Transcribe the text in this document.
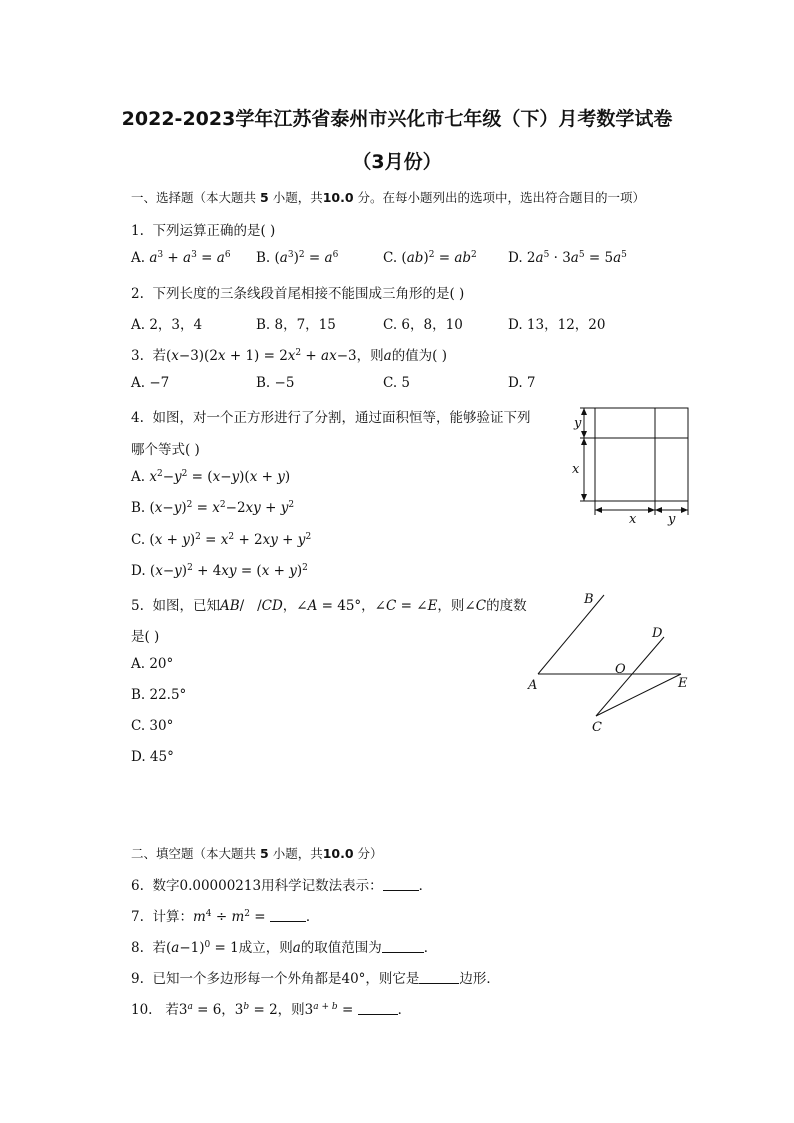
2022-2023学年江苏省泰州市兴化市七年级（下）月考数学试卷
（3月份）
一、选择题（本大题共 5 小题，共10.0 分。在每小题列出的选项中，选出符合题目的一项）
1. 下列运算正确的是( )
A. $a^3 + a^3 = a^6$ B. $(a^3)^2 = a^6$	C. $(ab)^2 = ab^2$ D. $2a^5 \cdot 3a^5 = 5a^5$
2. 下列长度的三条线段首尾相接不能围成三角形的是( )
A. 2，3，4	B. 8，7，15	C. 6，8，10	D. 13，12，20
3. 若$(x-3)(2x + 1) = 2x^2 + ax-3$，则a的值为( )
A. −7	B. −5	C. 5	D. 7
4. 如图，对一个正方形进行了分割，通过面积恒等，能够验证下列
哪个等式( )
A. $x^2-y^2 = (x-y)(x + y)$
B. $(x-y)^2 = x^2-2xy + y^2$
C. $(x + y)^2 = x^2 + 2xy + y^2$
D. $(x-y)^2 + 4xy = (x + y)^2$
y
x
x y
5. 如图，已知AB/   /CD，∠A = 45°，∠C = ∠E，则∠C的度数
是( )
A. 20°
B. 22.5°
C. 30°
D. 45°
A
B
C
D
E
O
二、填空题（本大题共 5 小题，共10.0 分）
6. 数字0.00000213用科学记数法表示：	．
7. 计算：$m^4 \div m^2$ =	．
8. 若$(a-1)^0 = 1$成立，则a的取值范围为	．
9. 已知一个多边形每一个外角都是40°，则它是	边形．
10. 若$3^a = 6$，$3^b = 2$，则$3^{a + b}$ =	．
